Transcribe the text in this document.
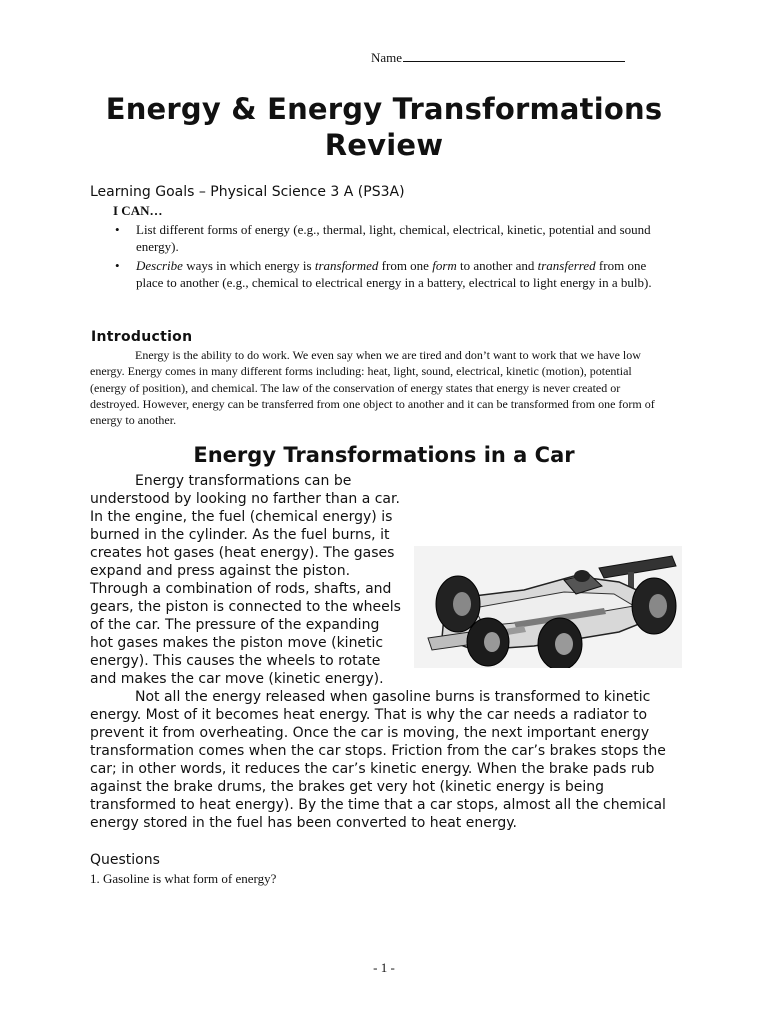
Name
Energy & Energy Transformations Review
Learning Goals – Physical Science 3 A (PS3A)
I CAN…
• List different forms of energy (e.g., thermal, light, chemical, electrical, kinetic, potential and sound energy).
• Describe ways in which energy is transformed from one form to another and transferred from one place to another (e.g., chemical to electrical energy in a battery, electrical to light energy in a bulb).
Introduction

Energy is the ability to do work. We even say when we are tired and don’t want to work that we have low energy. Energy comes in many different forms including: heat, light, sound, electrical, kinetic (motion), potential (energy of position), and chemical. The law of the conservation of energy states that energy is never created or destroyed. However, energy can be transferred from one object to another and it can be transformed from one form of energy to another.

Energy Transformations in a Car

Energy transformations can be understood by looking no farther than a car. In the engine, the fuel (chemical energy) is burned in the cylinder. As the fuel burns, it creates hot gases (heat energy). The gases expand and press against the piston. Through a combination of rods, shafts, and gears, the piston is connected to the wheels of the car. The pressure of the expanding hot gases makes the piston move (kinetic energy). This causes the wheels to rotate and makes the car move (kinetic energy).

Not all the energy released when gasoline burns is transformed to kinetic energy. Most of it becomes heat energy. That is why the car needs a radiator to prevent it from overheating. Once the car is moving, the next important energy transformation comes when the car stops. Friction from the car’s brakes stops the car; in other words, it reduces the car’s kinetic energy. When the brake pads rub against the brake drums, the brakes get very hot (kinetic energy is being transformed to heat energy). By the time that a car stops, almost all the chemical energy stored in the fuel has been converted to heat energy.

Questions
1. Gasoline is what form of energy?
- 1 -
